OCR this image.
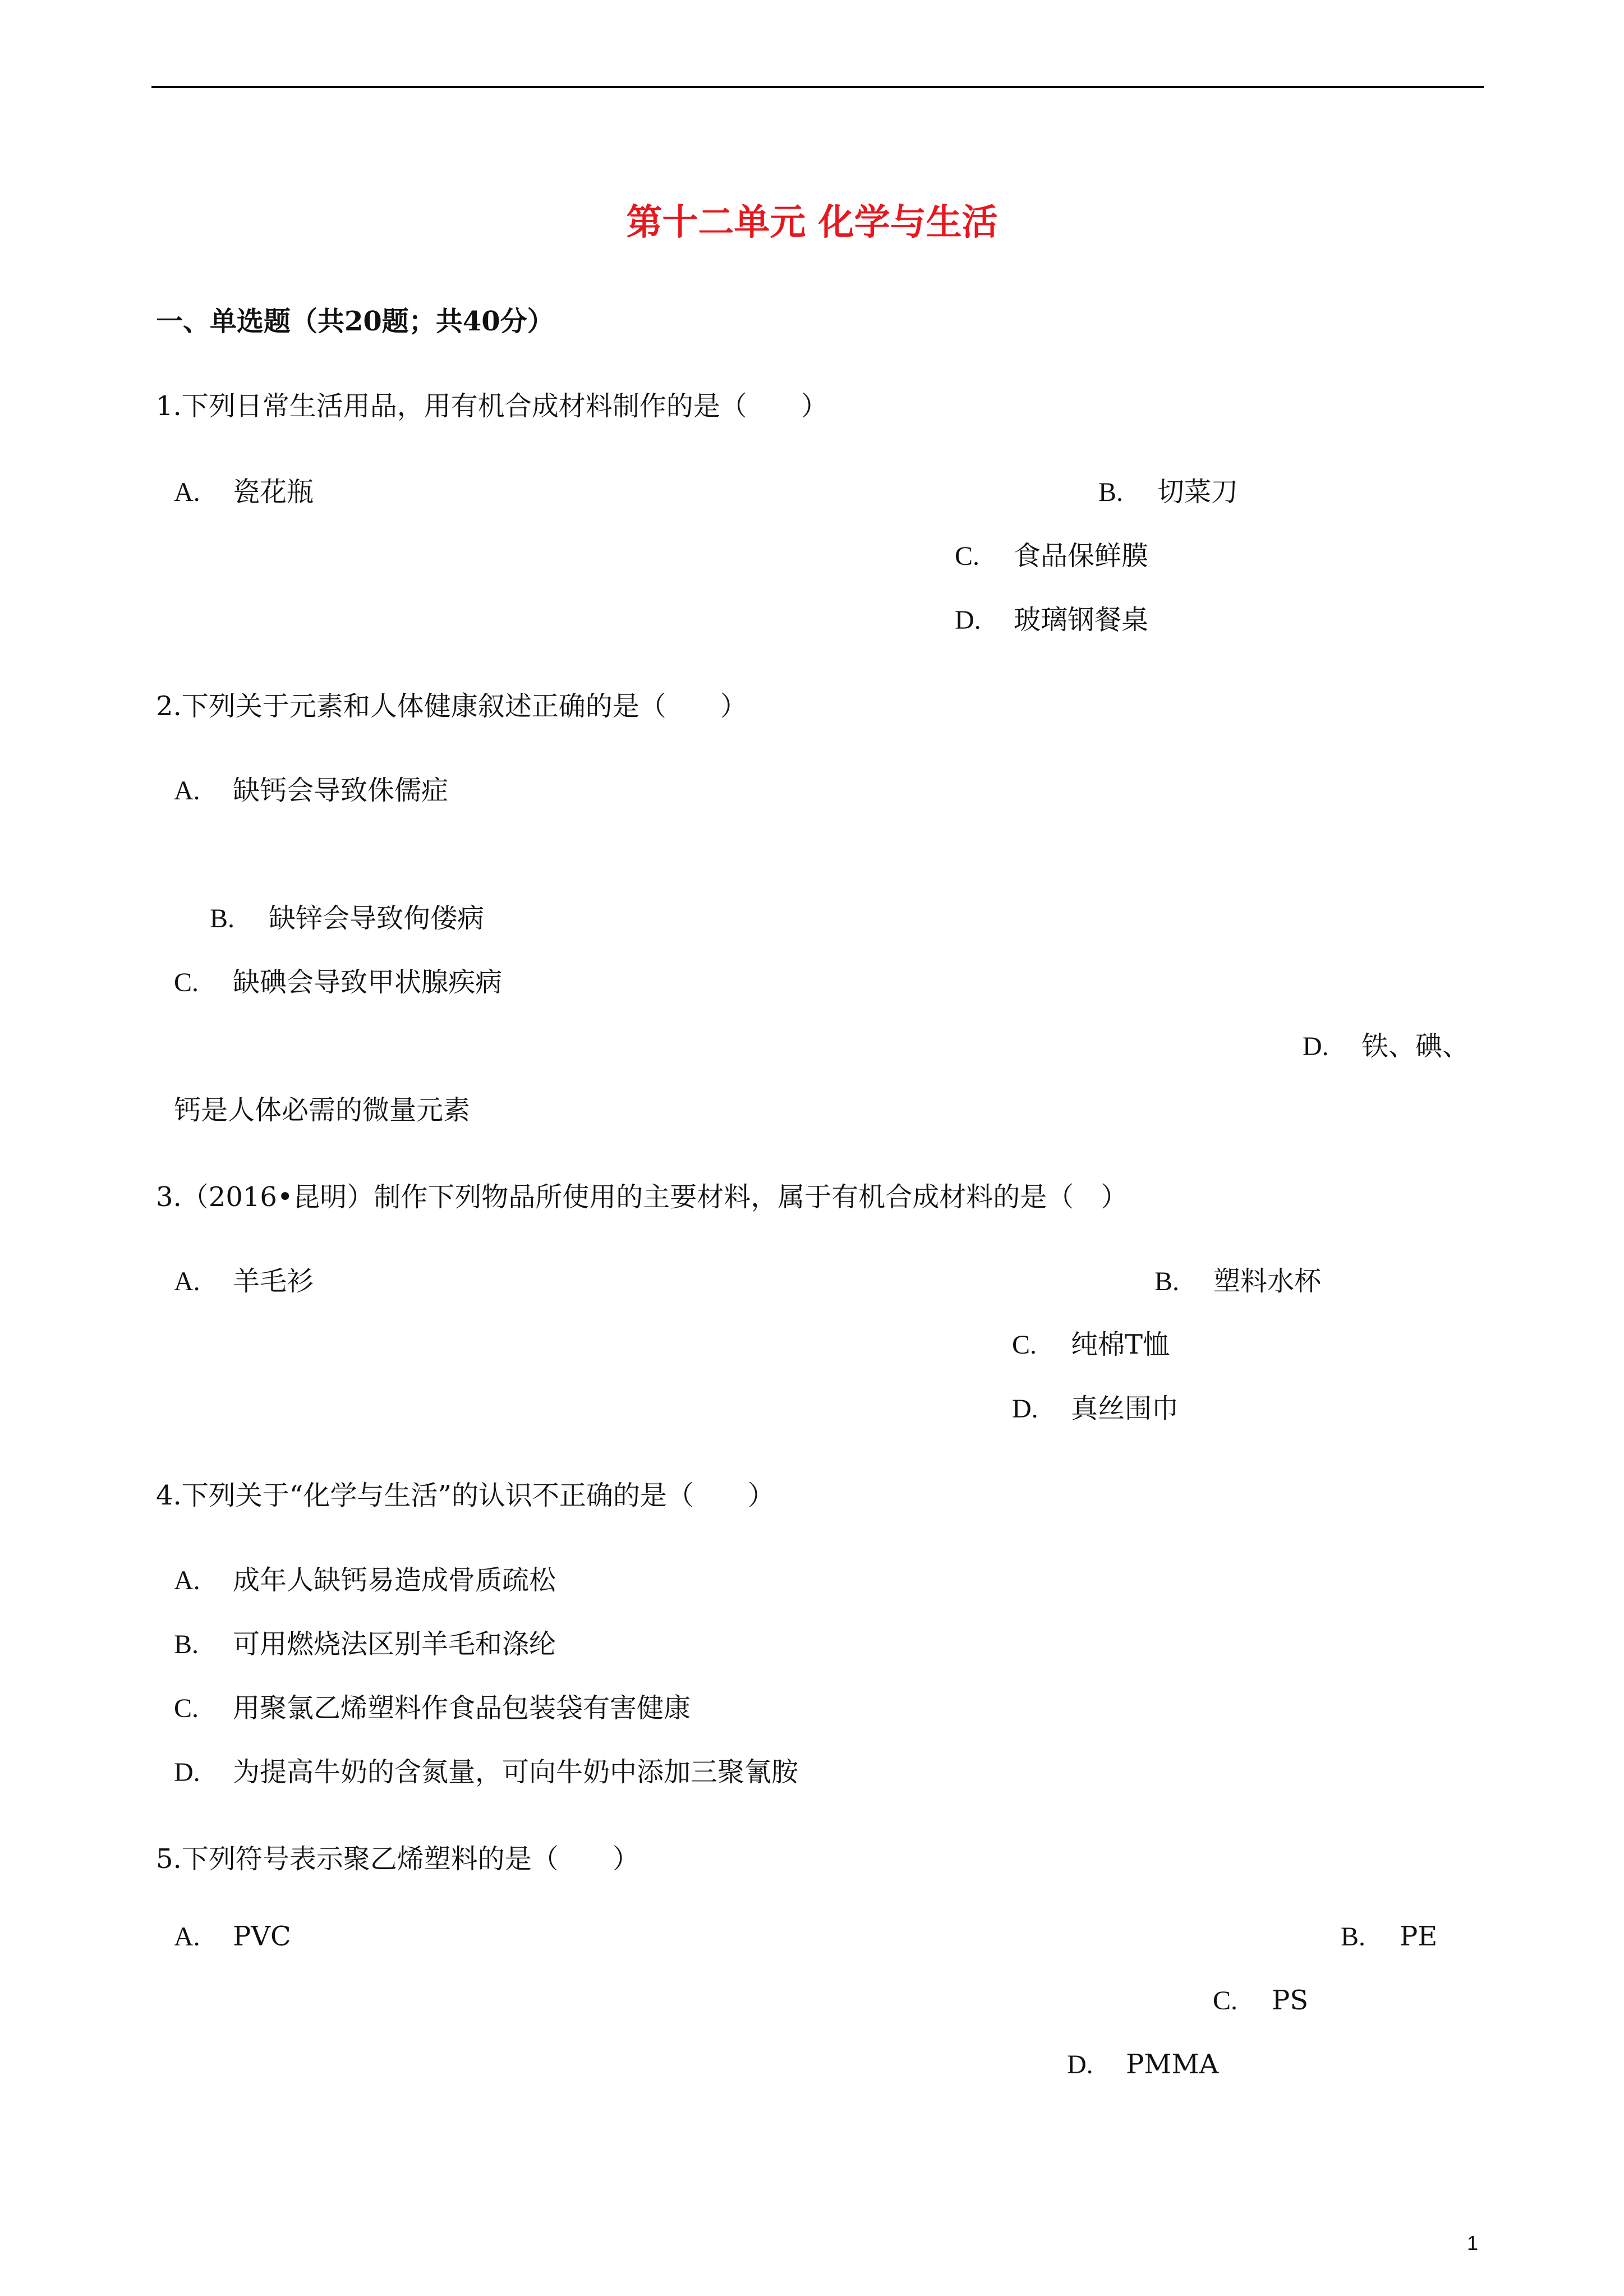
第十二单元 化学与生活
一、单选题（共20题；共40分）
1.下列日常生活用品，用有机合成材料制作的是（　　）
A. 瓷花瓶	B. 切菜刀
C. 食品保鲜膜
D. 玻璃钢餐桌
2.下列关于元素和人体健康叙述正确的是（　　）
A. 缺钙会导致侏儒症
B. 缺锌会导致佝偻病
C. 缺碘会导致甲状腺疾病
D. 铁、碘、
钙是人体必需的微量元素
3.（2016•昆明）制作下列物品所使用的主要材料，属于有机合成材料的是（　）
A. 羊毛衫	B. 塑料水杯
C. 纯棉T恤
D. 真丝围巾
4.下列关于“化学与生活”的认识不正确的是（　　）
A. 成年人缺钙易造成骨质疏松
B. 可用燃烧法区别羊毛和涤纶
C. 用聚氯乙烯塑料作食品包装袋有害健康
D. 为提高牛奶的含氮量，可向牛奶中添加三聚氰胺
5.下列符号表示聚乙烯塑料的是（　　）
A. PVC	B. PE
C. PS
D. PMMA
1
